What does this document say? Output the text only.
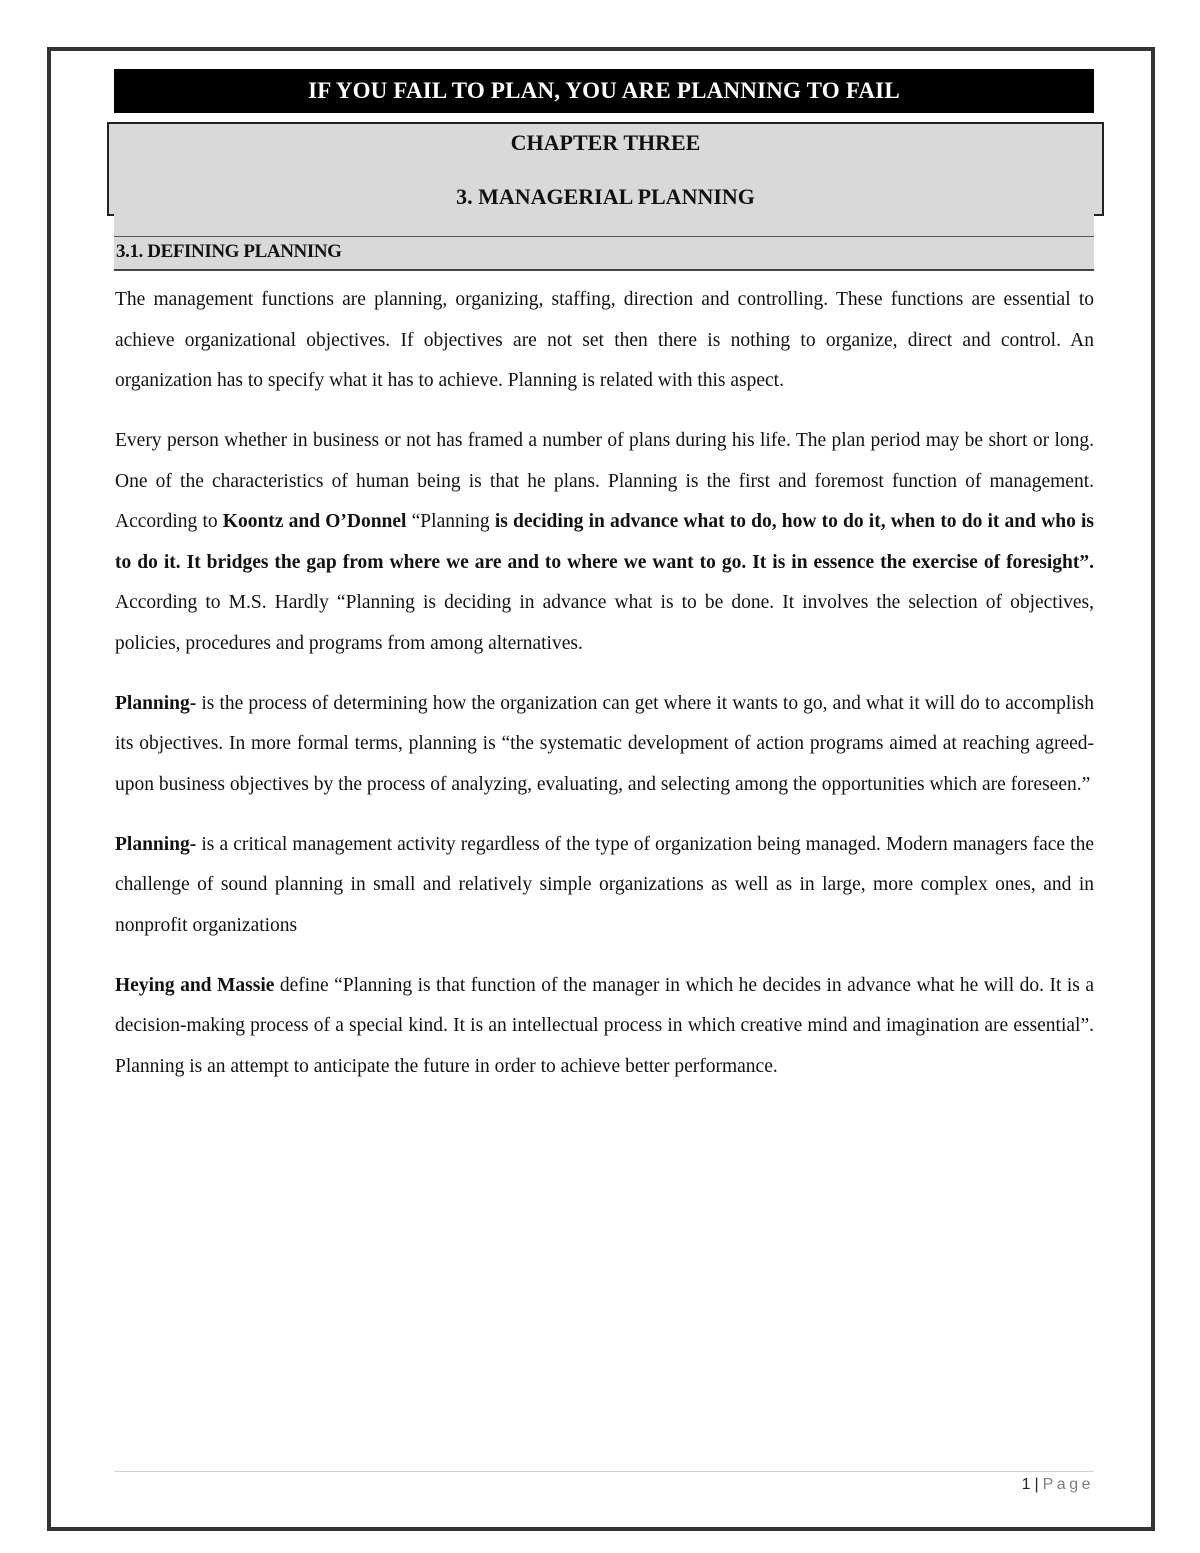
IF YOU FAIL TO PLAN, YOU ARE PLANNING TO FAIL
CHAPTER THREE
3. MANAGERIAL PLANNING
3.1. DEFINING PLANNING

The management functions are planning, organizing, staffing, direction and controlling. These functions are essential to achieve organizational objectives. If objectives are not set then there is nothing to organize, direct and control. An organization has to specify what it has to achieve. Planning is related with this aspect.

Every person whether in business or not has framed a number of plans during his life. The plan period may be short or long. One of the characteristics of human being is that he plans. Planning is the first and foremost function of management. According to Koontz and O’Donnel “Planning is deciding in advance what to do, how to do it, when to do it and who is to do it. It bridges the gap from where we are and to where we want to go. It is in essence the exercise of foresight”. According to M.S. Hardly “Planning is deciding in advance what is to be done. It involves the selection of objectives, policies, procedures and programs from among alternatives.

Planning- is the process of determining how the organization can get where it wants to go, and what it will do to accomplish its objectives. In more formal terms, planning is “the systematic development of action programs aimed at reaching agreed-upon business objectives by the process of analyzing, evaluating, and selecting among the opportunities which are foreseen.”

Planning- is a critical management activity regardless of the type of organization being managed. Modern managers face the challenge of sound planning in small and relatively simple organizations as well as in large, more complex ones, and in nonprofit organizations

Heying and Massie define “Planning is that function of the manager in which he decides in advance what he will do. It is a decision-making process of a special kind. It is an intellectual process in which creative mind and imagination are essential”. Planning is an attempt to anticipate the future in order to achieve better performance.

1 | Page
